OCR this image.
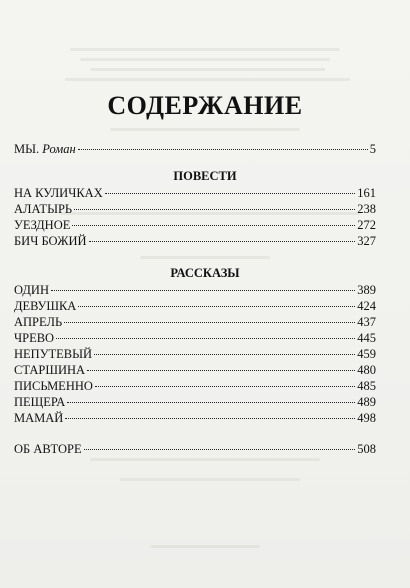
СОДЕРЖАНИЕ
МЫ. Роман	5
ПОВЕСТИ
НА КУЛИЧКАХ	161
АЛАТЫРЬ	238
УЕЗДНОЕ	272
БИЧ БОЖИЙ	327
РАССКАЗЫ
ОДИН	389
ДЕВУШКА	424
АПРЕЛЬ	437
ЧРЕВО	445
НЕПУТЕВЫЙ	459
СТАРШИНА	480
ПИСЬМЕННО	485
ПЕЩЕРА	489
МАМАЙ	498
ОБ АВТОРЕ	508
